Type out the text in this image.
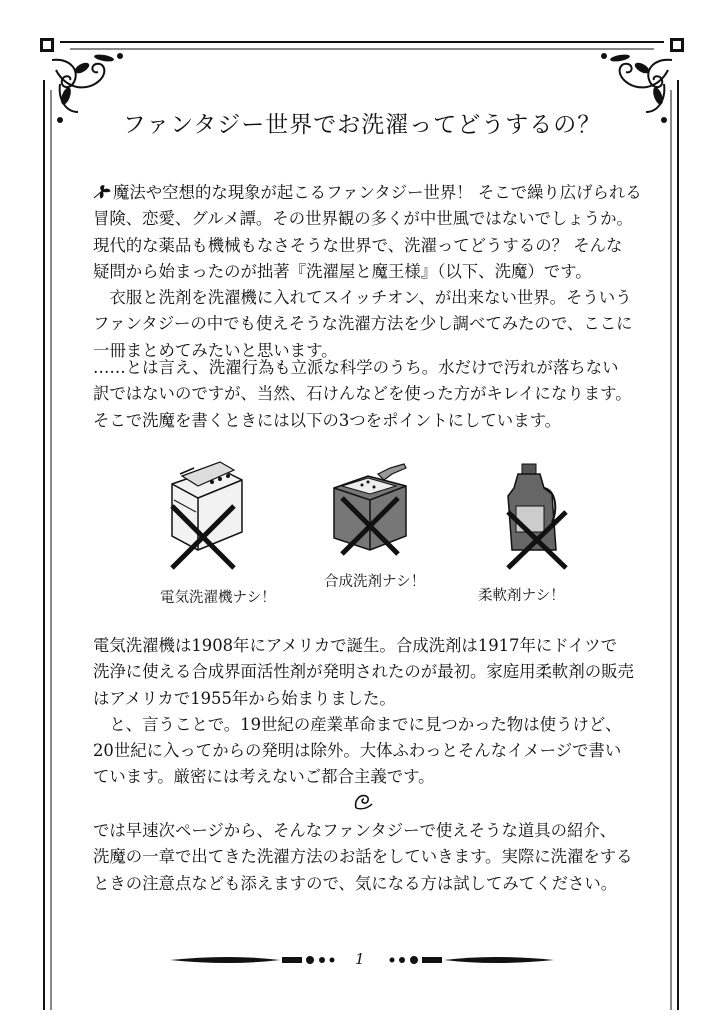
ファンタジー世界でお洗濯ってどうするの？

魔法や空想的な現象が起こるファンタジー世界！ そこで繰り広げられる
冒険、恋愛、グルメ譚。その世界観の多くが中世風ではないでしょうか。
現代的な薬品も機械もなさそうな世界で、洗濯ってどうするの？ そんな
疑問から始まったのが拙著『洗濯屋と魔王様』（以下、洗魔）です。
　衣服と洗剤を洗濯機に入れてスイッチオン、が出来ない世界。そういう
ファンタジーの中でも使えそうな洗濯方法を少し調べてみたので、ここに
一冊まとめてみたいと思います。

……とは言え、洗濯行為も立派な科学のうち。水だけで汚れが落ちない
訳ではないのですが、当然、石けんなどを使った方がキレイになります。
そこで洗魔を書くときには以下の3つをポイントにしています。

電気洗濯機ナシ！
合成洗剤ナシ！
柔軟剤ナシ！

電気洗濯機は1908年にアメリカで誕生。合成洗剤は1917年にドイツで
洗浄に使える合成界面活性剤が発明されたのが最初。家庭用柔軟剤の販売
はアメリカで1955年から始まりました。
　と、言うことで。19世紀の産業革命までに見つかった物は使うけど、
20世紀に入ってからの発明は除外。大体ふわっとそんなイメージで書い
ています。厳密には考えないご都合主義です。

では早速次ページから、そんなファンタジーで使えそうな道具の紹介、
洗魔の一章で出てきた洗濯方法のお話をしていきます。実際に洗濯をする
ときの注意点なども添えますので、気になる方は試してみてください。

1
